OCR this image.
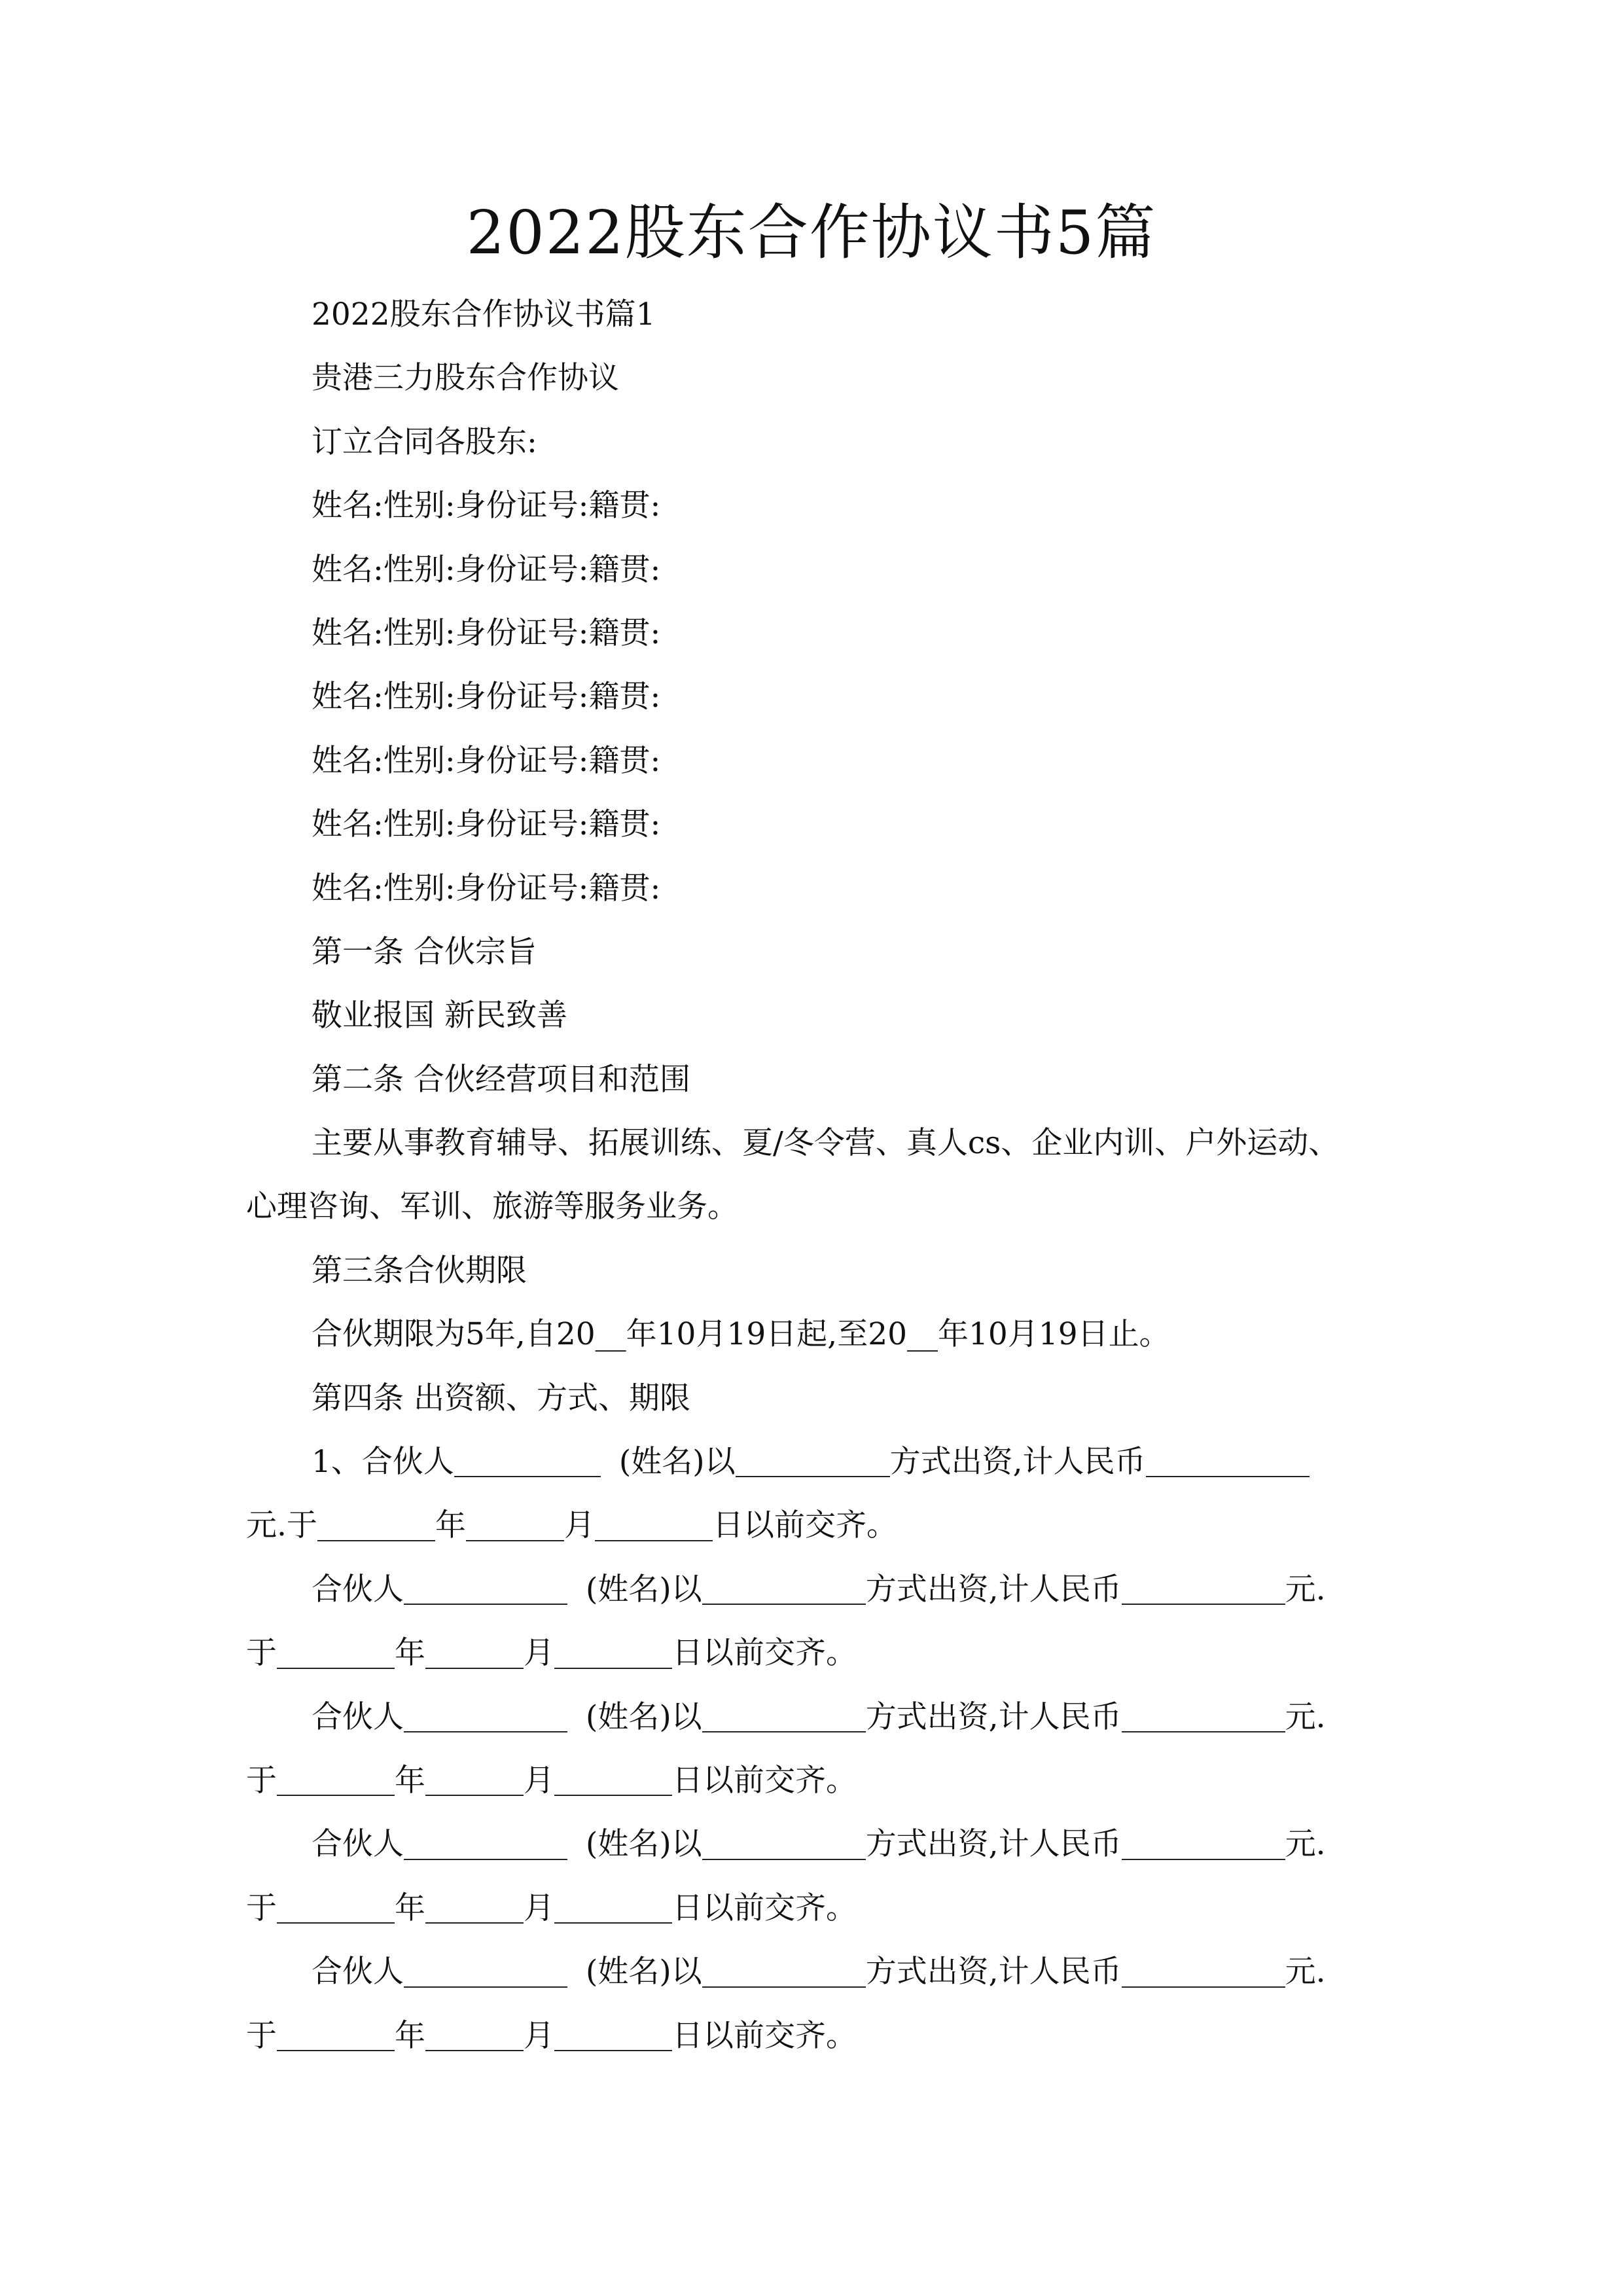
2022股东合作协议书5篇
2022股东合作协议书篇1
贵港三力股东合作协议
订立合同各股东:
姓名:性别:身份证号:籍贯:
姓名:性别:身份证号:籍贯:
姓名:性别:身份证号:籍贯:
姓名:性别:身份证号:籍贯:
姓名:性别:身份证号:籍贯:
姓名:性别:身份证号:籍贯:
姓名:性别:身份证号:籍贯:
第一条 合伙宗旨
敬业报国 新民致善
第二条 合伙经营项目和范围
主要从事教育辅导、拓展训练、夏/冬令营、真人cs、企业内训、户外运动、
心理咨询、军训、旅游等服务业务。
第三条合伙期限
合伙期限为5年,自20__年10月19日起,至20__年10月19日止。
第四条 出资额、方式、期限
1、合伙人	(姓名)以	方式出资,计人民币
元.于	年	月	日以前交齐。
合伙人	(姓名)以	方式出资,计人民币	元.
于	年	月	日以前交齐。
合伙人	(姓名)以	方式出资,计人民币	元.
于	年	月	日以前交齐。
合伙人	(姓名)以	方式出资,计人民币	元.
于	年	月	日以前交齐。
合伙人	(姓名)以	方式出资,计人民币	元.
于	年	月	日以前交齐。
